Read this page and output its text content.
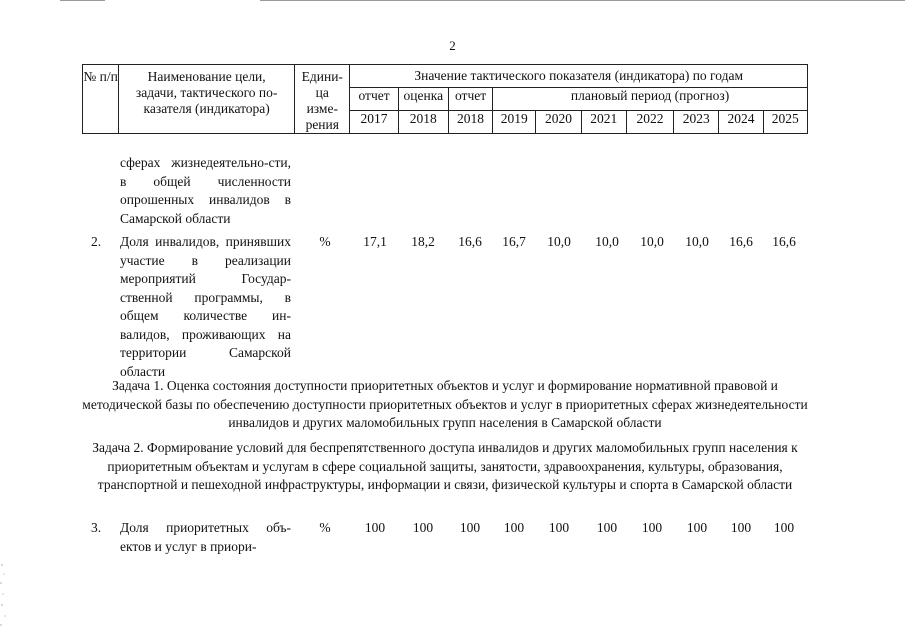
2
№ п/п	Наименование цели, задачи, тактического по-казателя (индикатора)	Едини-ца изме-рения	Значение тактического показателя (индикатора) по годам									
			отчет	оценка	отчет	плановый период (прогноз)						
			2017	2018	2018	2019	2020	2021	2022	2023	2024	2025
сферах жизнедеятельно-сти, в общей численности опрошенных инвалидов в Самарской области
2.	Доля инвалидов, принявших участие в реализации мероприятий Государ-ственной программы, в общем количестве ин-валидов, проживающих на территории Самарской области
%	17,1	18,2	16,6	16,7	10,0	10,0	10,0	10,0	16,6	16,6
Задача 1. Оценка состояния доступности приоритетных объектов и услуг и формирование нормативной правовой и методической базы по обеспечению доступности приоритетных объектов и услуг в приоритетных сферах жизнедеятельности инвалидов и других маломобильных групп населения в Самарской области
Задача 2. Формирование условий для беспрепятственного доступа инвалидов и других маломобильных групп населения к приоритетным объектам и услугам в сфере социальной защиты, занятости, здравоохранения, культуры, образования, транспортной и пешеходной инфраструктуры, информации и связи, физической культуры и спорта в Самарской области
3.	Доля приоритетных объ-ектов и услуг в приори-
%	100	100	100	100	100	100	100	100	100	100
